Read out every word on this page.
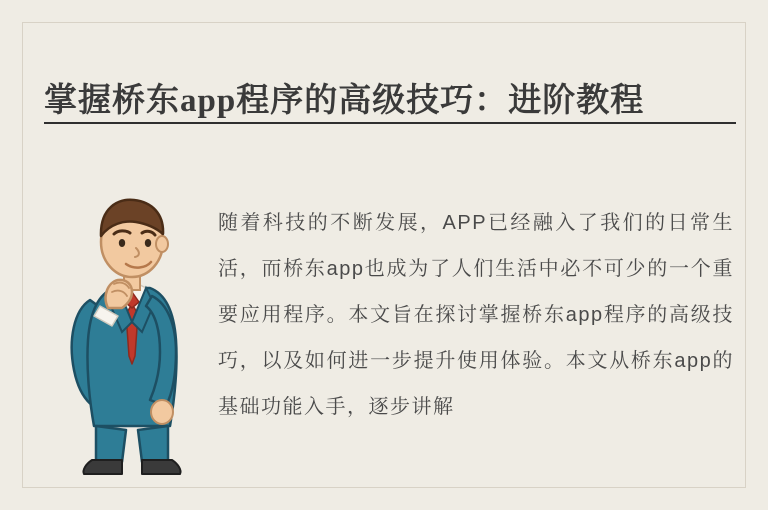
掌握桥东app程序的高级技巧：进阶教程

随着科技的不断发展，APP已经融入了我们的日常生活，而桥东app也成为了人们生活中必不可少的一个重要应用程序。本文旨在探讨掌握桥东app程序的高级技巧，以及如何进一步提升使用体验。本文从桥东app的基础功能入手，逐步讲解
